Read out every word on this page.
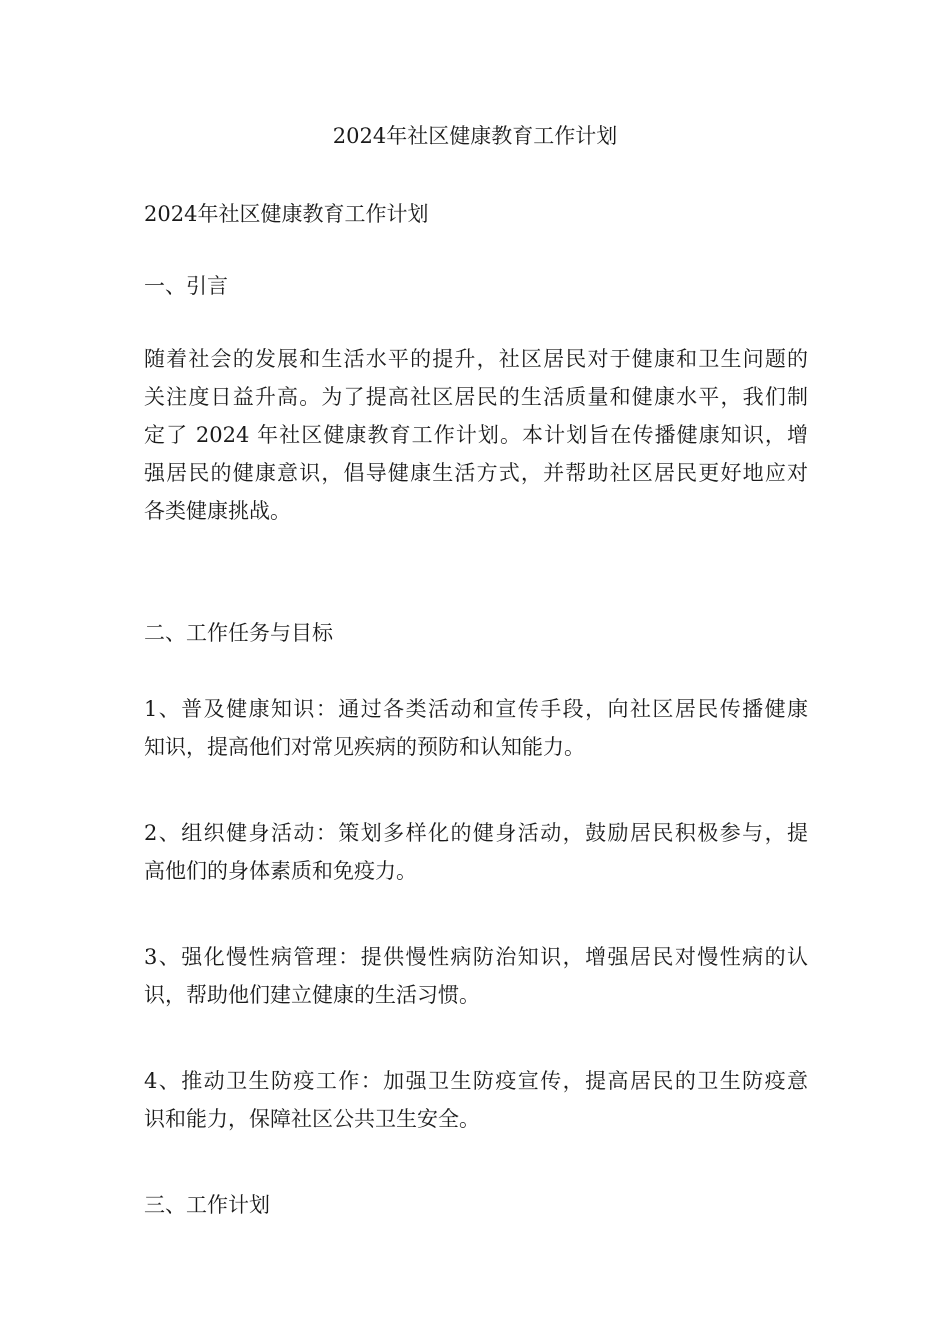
2024年社区健康教育工作计划
2024年社区健康教育工作计划
一、引言
随着社会的发展和生活水平的提升，社区居民对于健康和卫生问题的
关注度日益升高。为了提高社区居民的生活质量和健康水平，我们制
定了 2024 年社区健康教育工作计划。本计划旨在传播健康知识，增
强居民的健康意识，倡导健康生活方式，并帮助社区居民更好地应对
各类健康挑战。
二、工作任务与目标
1、普及健康知识：通过各类活动和宣传手段，向社区居民传播健康
知识，提高他们对常见疾病的预防和认知能力。
2、组织健身活动：策划多样化的健身活动，鼓励居民积极参与，提
高他们的身体素质和免疫力。
3、强化慢性病管理：提供慢性病防治知识，增强居民对慢性病的认
识，帮助他们建立健康的生活习惯。
4、推动卫生防疫工作：加强卫生防疫宣传，提高居民的卫生防疫意
识和能力，保障社区公共卫生安全。
三、工作计划
